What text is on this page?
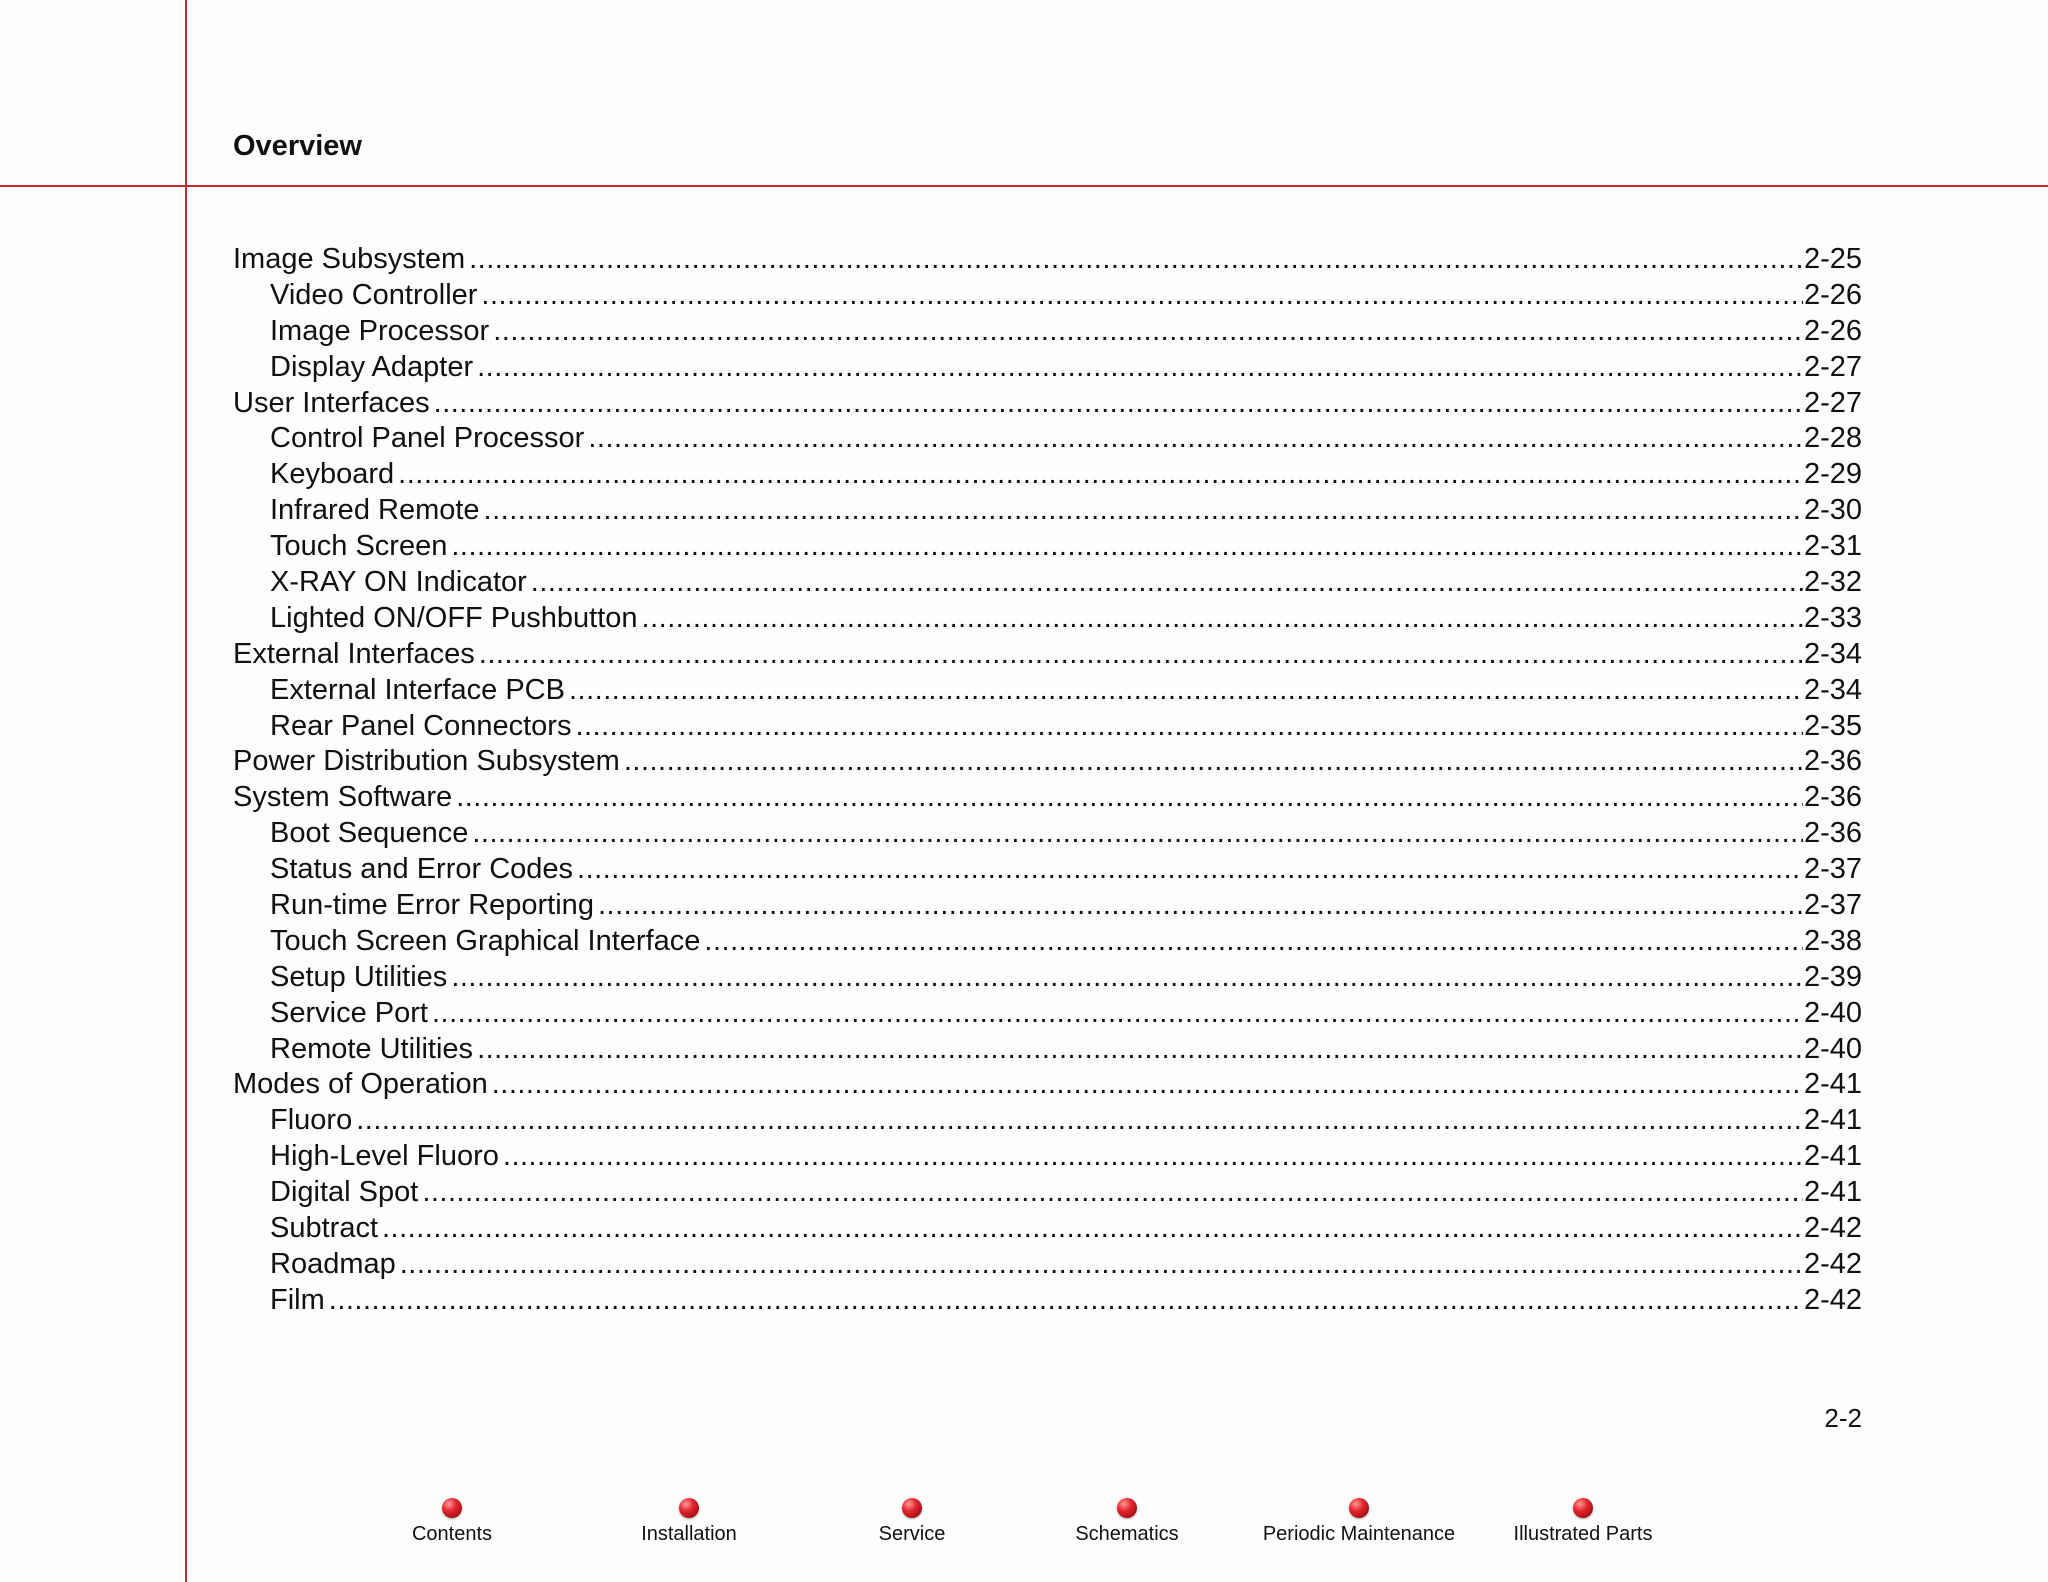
Overview
Image Subsystem .....	2-25
Video Controller .....	2-26
Image Processor .....	2-26
Display Adapter .....	2-27
User Interfaces .....	2-27
Control Panel Processor .....	2-28
Keyboard .....	2-29
Infrared Remote .....	2-30
Touch Screen .....	2-31
X-RAY ON Indicator .....	2-32
Lighted ON/OFF Pushbutton .....	2-33
External Interfaces .....	2-34
External Interface PCB .....	2-34
Rear Panel Connectors .....	2-35
Power Distribution Subsystem .....	2-36
System Software .....	2-36
Boot Sequence .....	2-36
Status and Error Codes .....	2-37
Run-time Error Reporting .....	2-37
Touch Screen Graphical Interface .....	2-38
Setup Utilities .....	2-39
Service Port .....	2-40
Remote Utilities .....	2-40
Modes of Operation .....	2-41
Fluoro .....	2-41
High-Level Fluoro .....	2-41
Digital Spot .....	2-41
Subtract .....	2-42
Roadmap .....	2-42
Film .....	2-42
2-2
Contents	Installation	Service	Schematics	Periodic Maintenance	Illustrated Parts
